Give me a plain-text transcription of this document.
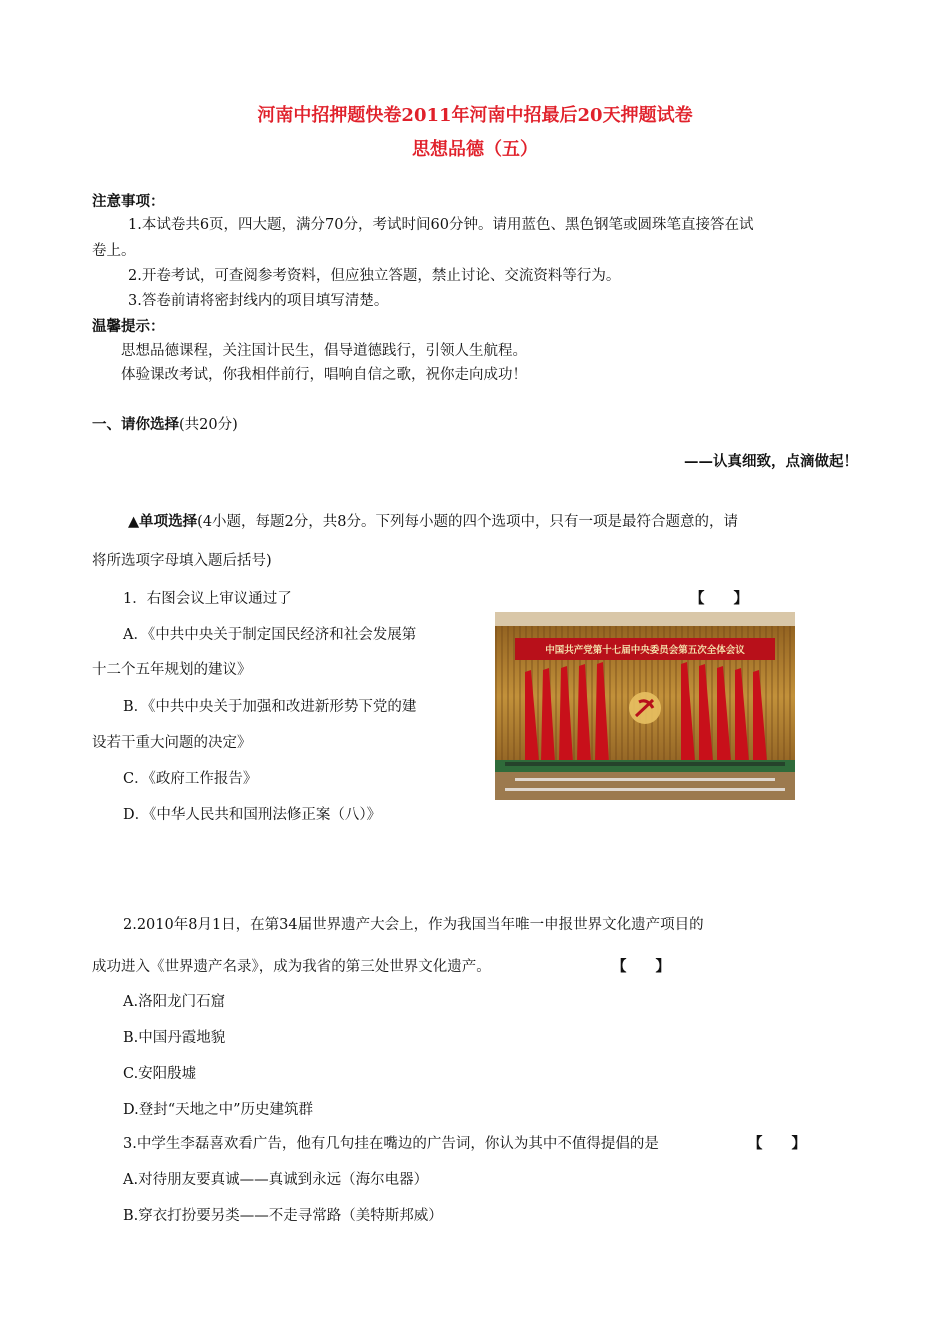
河南中招押题快卷2011年河南中招最后20天押题试卷
思想品德（五）
注意事项：
1.本试卷共6页，四大题，满分70分，考试时间60分钟。请用蓝色、黑色钢笔或圆珠笔直接答在试
卷上。
2.开卷考试，可查阅参考资料，但应独立答题，禁止讨论、交流资料等行为。
3.答卷前请将密封线内的项目填写清楚。
温馨提示：
思想品德课程，关注国计民生，倡导道德践行，引领人生航程。
体验课改考试，你我相伴前行，唱响自信之歌，祝你走向成功！
一、请你选择(共20分)
——认真细致，点滴做起！
▲单项选择(4小题，每题2分，共8分。下列每小题的四个选项中，只有一项是最符合题意的，请
将所选项字母填入题后括号)
1．右图会议上审议通过了	【　　】
A．《中共中央关于制定国民经济和社会发展第
十二个五年规划的建议》
B．《中共中央关于加强和改进新形势下党的建
设若干重大问题的决定》
C．《政府工作报告》
D．《中华人民共和国刑法修正案（八）》
中国共产党第十七届中央委员会第五次全体会议
2.2010年8月1日，在第34届世界遗产大会上，作为我国当年唯一申报世界文化遗产项目的
成功进入《世界遗产名录》，成为我省的第三处世界文化遗产。	【　　】
A.洛阳龙门石窟
B.中国丹霞地貌
C.安阳殷墟
D.登封“天地之中”历史建筑群
3.中学生李磊喜欢看广告，他有几句挂在嘴边的广告词，你认为其中不值得提倡的是	【　　】
A.对待朋友要真诚——真诚到永远（海尔电器）
B.穿衣打扮要另类——不走寻常路（美特斯邦威）
